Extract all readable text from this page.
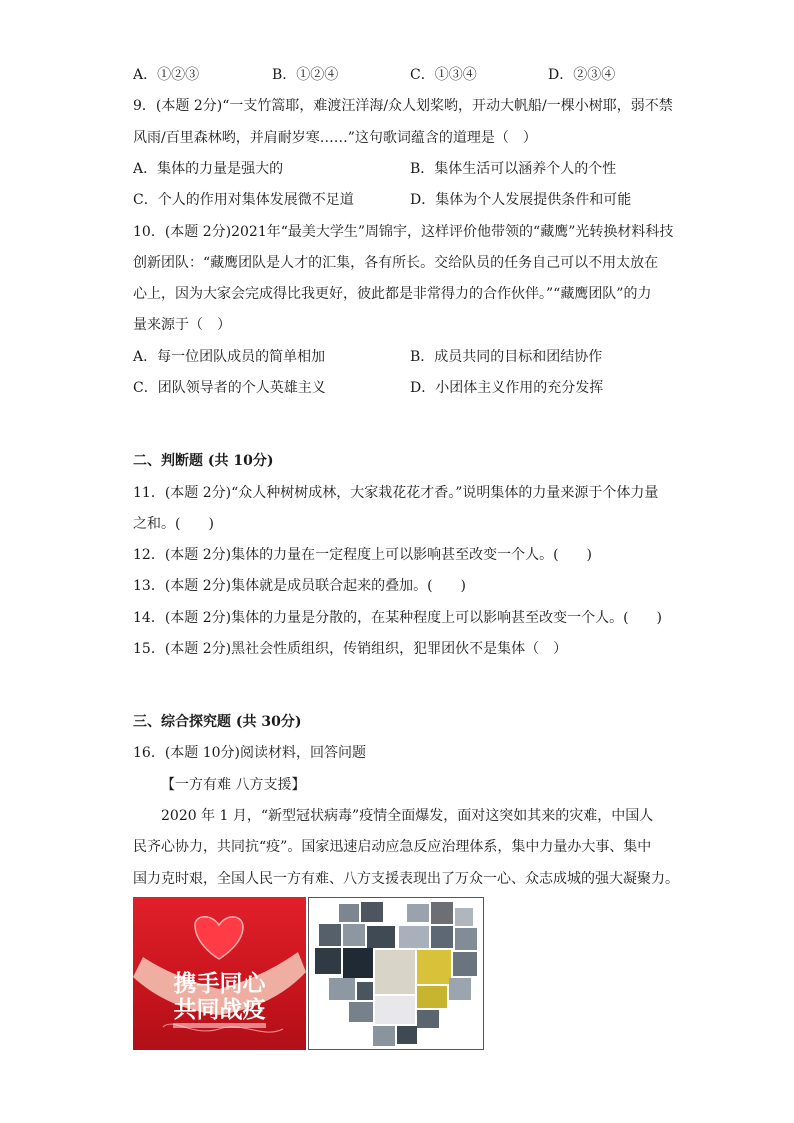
A．①②③	B．①②④	C．①③④	D．②③④
9．(本题 2分)“一支竹篙耶，难渡汪洋海/众人划桨哟，开动大帆船/一棵小树耶，弱不禁
风雨/百里森林哟，并肩耐岁寒……”这句歌词蕴含的道理是（　）
A．集体的力量是强大的	B．集体生活可以涵养个人的个性
C．个人的作用对集体发展微不足道	D．集体为个人发展提供条件和可能
10．(本题 2分)2021年“最美大学生”周锦宇，这样评价他带领的“藏鹰”光转换材料科技
创新团队：“藏鹰团队是人才的汇集，各有所长。交给队员的任务自己可以不用太放在
心上，因为大家会完成得比我更好，彼此都是非常得力的合作伙伴。”“藏鹰团队”的力
量来源于（　）
A．每一位团队成员的简单相加	B．成员共同的目标和团结协作
C．团队领导者的个人英雄主义	D．小团体主义作用的充分发挥
二、判断题 (共 10分)
11．(本题 2分)“众人种树树成林，大家栽花花才香。”说明集体的力量来源于个体力量
之和。(　　)
12．(本题 2分)集体的力量在一定程度上可以影响甚至改变一个人。(　　)
13．(本题 2分)集体就是成员联合起来的叠加。(　　)
14．(本题 2分)集体的力量是分散的，在某种程度上可以影响甚至改变一个人。(　　)
15．(本题 2分)黑社会性质组织，传销组织，犯罪团伙不是集体（　）
三、综合探究题 (共 30分)
16．(本题 10分)阅读材料，回答问题
【一方有难 八方支援】
2020 年 1 月，“新型冠状病毒”疫情全面爆发，面对这突如其来的灾难，中国人
民齐心协力，共同抗“疫”。国家迅速启动应急反应治理体系，集中力量办大事、集中
国力克时艰，全国人民一方有难、八方支援表现出了万众一心、众志成城的强大凝聚力。
携手同心
共同战疫
